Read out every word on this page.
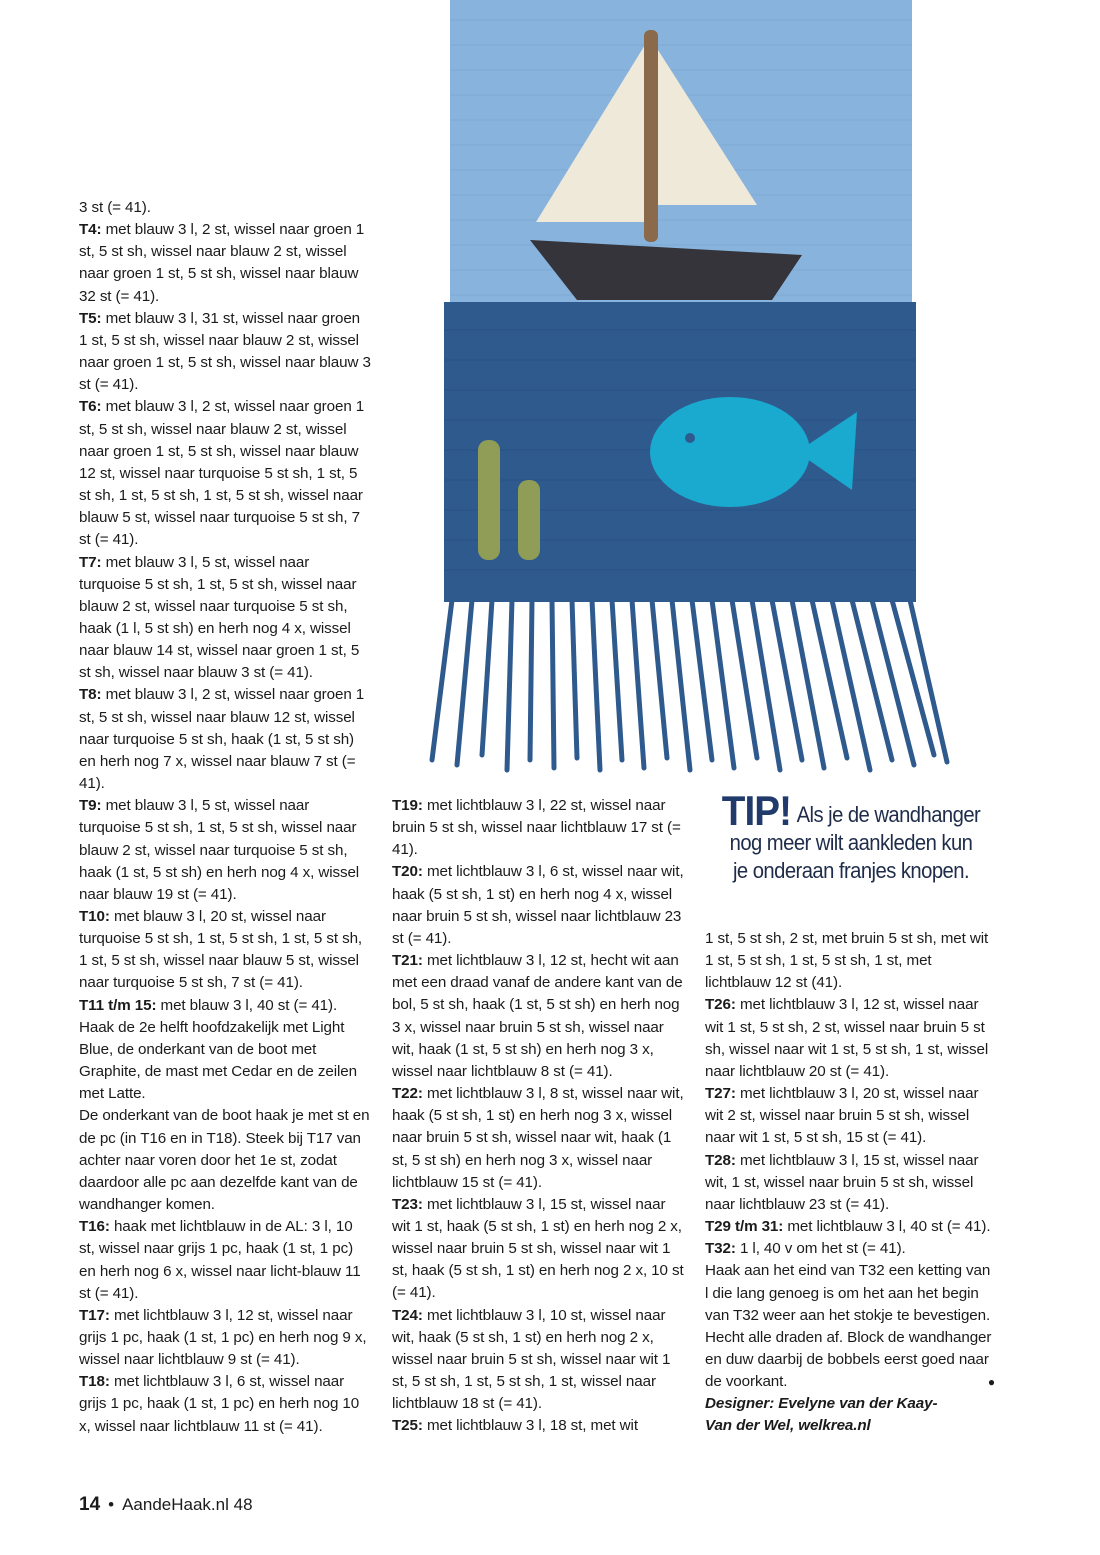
3 st (= 41).

T4: met blauw 3 l, 2 st, wissel naar groen 1 st, 5 st sh, wissel naar blauw 2 st, wissel naar groen 1 st, 5 st sh, wissel naar blauw 32 st (= 41).

T5: met blauw 3 l, 31 st, wissel naar groen 1 st, 5 st sh, wissel naar blauw 2 st, wissel naar groen 1 st, 5 st sh, wissel naar blauw 3 st (= 41).

T6: met blauw 3 l, 2 st, wissel naar groen 1 st, 5 st sh, wissel naar blauw 2 st, wissel naar groen 1 st, 5 st sh, wissel naar blauw 12 st, wissel naar turquoise 5 st sh, 1 st, 5 st sh, 1 st, 5 st sh, 1 st, 5 st sh, wissel naar blauw 5 st, wissel naar turquoise 5 st sh, 7 st (= 41).

T7: met blauw 3 l, 5 st, wissel naar turquoise 5 st sh, 1 st, 5 st sh, wissel naar blauw 2 st, wissel naar turquoise 5 st sh, haak (1 l, 5 st sh) en herh nog 4 x, wissel naar blauw 14 st, wissel naar groen 1 st, 5 st sh, wissel naar blauw 3 st (= 41).

T8: met blauw 3 l, 2 st, wissel naar groen 1 st, 5 st sh, wissel naar blauw 12 st, wissel naar turquoise 5 st sh, haak (1 st, 5 st sh) en herh nog 7 x, wissel naar blauw 7 st (= 41).

T9: met blauw 3 l, 5 st, wissel naar turquoise 5 st sh, 1 st, 5 st sh, wissel naar blauw 2 st, wissel naar turquoise 5 st sh, haak (1 st, 5 st sh) en herh nog 4 x, wissel naar blauw 19 st (= 41).

T10: met blauw 3 l, 20 st, wissel naar turquoise 5 st sh, 1 st, 5 st sh, 1 st, 5 st sh, 1 st, 5 st sh, wissel naar blauw 5 st, wissel naar turquoise 5 st sh, 7 st (= 41).

T11 t/m 15: met blauw 3 l, 40 st (= 41).

Haak de 2e helft hoofdzakelijk met Light Blue, de onderkant van de boot met Graphite, de mast met Cedar en de zeilen met Latte.

De onderkant van de boot haak je met st en de pc (in T16 en in T18). Steek bij T17 van achter naar voren door het 1e st, zodat daardoor alle pc aan dezelfde kant van de wandhanger komen.

T16: haak met lichtblauw in de AL: 3 l, 10 st, wissel naar grijs 1 pc, haak (1 st, 1 pc) en herh nog 6 x, wissel naar licht-blauw 11 st (= 41).

T17: met lichtblauw 3 l, 12 st, wissel naar grijs 1 pc, haak (1 st, 1 pc) en herh nog 9 x, wissel naar lichtblauw 9 st (= 41).

T18: met lichtblauw 3 l, 6 st, wissel naar grijs 1 pc, haak (1 st, 1 pc) en herh nog 10 x, wissel naar lichtblauw 11 st (= 41).

T19: met lichtblauw 3 l, 22 st, wissel naar bruin 5 st sh, wissel naar lichtblauw 17 st (= 41).

T20: met lichtblauw 3 l, 6 st, wissel naar wit, haak (5 st sh, 1 st) en herh nog 4 x, wissel naar bruin 5 st sh, wissel naar lichtblauw 23 st (= 41).

T21: met lichtblauw 3 l, 12 st, hecht wit aan met een draad vanaf de andere kant van de bol, 5 st sh, haak (1 st, 5 st sh) en herh nog 3 x, wissel naar bruin 5 st sh, wissel naar wit, haak (1 st, 5 st sh) en herh nog 3 x, wissel naar lichtblauw 8 st (= 41).

T22: met lichtblauw 3 l, 8 st, wissel naar wit, haak (5 st sh, 1 st) en herh nog 3 x, wissel naar bruin 5 st sh, wissel naar wit, haak (1 st, 5 st sh) en herh nog 3 x, wissel naar lichtblauw 15 st (= 41).

T23: met lichtblauw 3 l, 15 st, wissel naar wit 1 st, haak (5 st sh, 1 st) en herh nog 2 x, wissel naar bruin 5 st sh, wissel naar wit 1 st, haak (5 st sh, 1 st) en herh nog 2 x, 10 st (= 41).

T24: met lichtblauw 3 l, 10 st, wissel naar wit, haak (5 st sh, 1 st) en herh nog 2 x, wissel naar bruin 5 st sh, wissel naar wit 1 st, 5 st sh, 1 st, 5 st sh, 1 st, wissel naar lichtblauw 18 st (= 41).

T25: met lichtblauw 3 l, 18 st, met wit

TIP! Als je de wandhanger
nog meer wilt aankleden kun
je onderaan franjes knopen.

1 st, 5 st sh, 2 st, met bruin 5 st sh, met wit 1 st, 5 st sh, 1 st, 5 st sh, 1 st, met lichtblauw 12 st (41).

T26: met lichtblauw 3 l, 12 st, wissel naar wit 1 st, 5 st sh, 2 st, wissel naar bruin 5 st sh, wissel naar wit 1 st, 5 st sh, 1 st, wissel naar lichtblauw 20 st (= 41).

T27: met lichtblauw 3 l, 20 st, wissel naar wit 2 st, wissel naar bruin 5 st sh, wissel naar wit 1 st, 5 st sh, 15 st (= 41).

T28: met lichtblauw 3 l, 15 st, wissel naar wit, 1 st, wissel naar bruin 5 st sh, wissel naar lichtblauw 23 st (= 41).

T29 t/m 31: met lichtblauw 3 l, 40 st (= 41).

T32: 1 l, 40 v om het st (= 41).

Haak aan het eind van T32 een ketting van l die lang genoeg is om het aan het begin van T32 weer aan het stokje te bevestigen. Hecht alle draden af. Block de wandhanger en duw daarbij de bobbels eerst goed naar de voorkant.

Designer: Evelyne van der Kaay-
●

Van der Wel, welkrea.nl

14 • AandeHaak.nl 48
